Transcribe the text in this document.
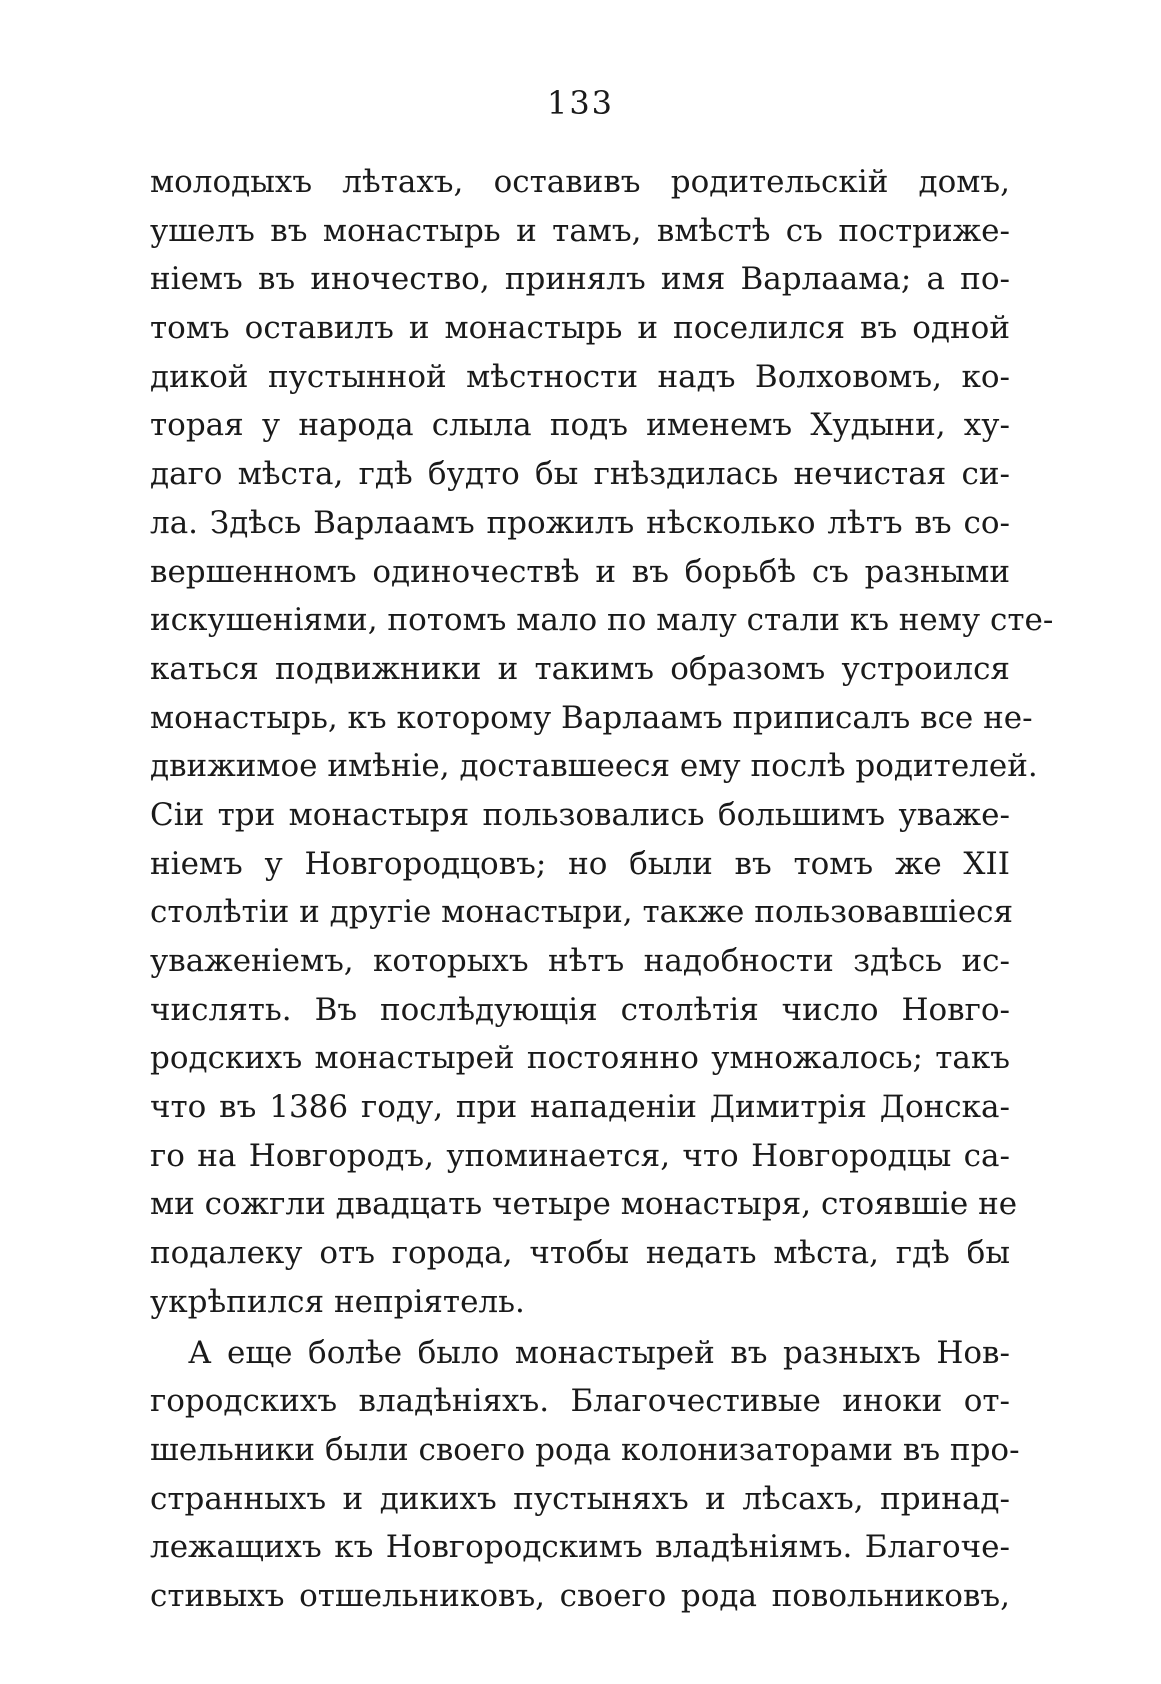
133

молодыхъ лѣтахъ, оставивъ родительскій домъ,
ушелъ въ монастырь и тамъ, вмѣстѣ съ постриже-
ніемъ въ иночество, принялъ имя Варлаама; а по-
томъ оставилъ и монастырь и поселился въ одной
дикой пустынной мѣстности надъ Волховомъ, ко-
торая у народа слыла подъ именемъ Худыни, ху-
даго мѣста, гдѣ будто бы гнѣздилась нечистая си-
ла. Здѣсь Варлаамъ прожилъ нѣсколько лѣтъ въ со-
вершенномъ одиночествѣ и въ борьбѣ съ разными
искушеніями, потомъ мало по малу стали къ нему сте-
каться подвижники и такимъ образомъ устроился
монастырь, къ которому Варлаамъ приписалъ все не-
движимое имѣніе, доставшееся ему послѣ родителей.
Сіи три монастыря пользовались большимъ уваже-
ніемъ у Новгородцовъ; но были въ томъ же XII
столѣтіи и другіе монастыри, также пользовавшіеся
уваженіемъ, которыхъ нѣтъ надобности здѣсь ис-
числять. Въ послѣдующія столѣтія число Новго-
родскихъ монастырей постоянно умножалось; такъ
что въ 1386 году, при нападеніи Димитрія Донска-
го на Новгородъ, упоминается, что Новгородцы са-
ми сожгли двадцать четыре монастыря, стоявшіе не
подалеку отъ города, чтобы недать мѣста, гдѣ бы
укрѣпился непріятель.

А еще болѣе было монастырей въ разныхъ Нов-
городскихъ владѣніяхъ. Благочестивые иноки от-
шельники были своего рода колонизаторами въ про-
странныхъ и дикихъ пустыняхъ и лѣсахъ, принад-
лежащихъ къ Новгородскимъ владѣніямъ. Благоче-
стивыхъ отшельниковъ, своего рода повольниковъ,
